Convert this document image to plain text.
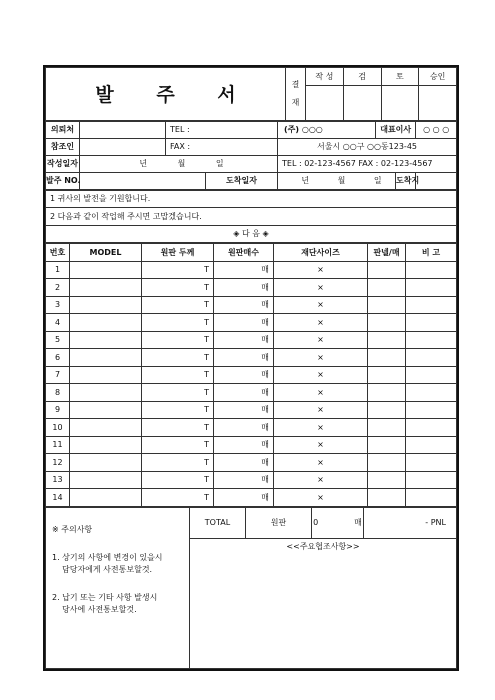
발 주 서	결
재	작 성	검	토	승인

의뢰처		TEL :		(주) ○○○	대표이사		○ ○ ○
참조인		FAX :		서울시 ○○구 ○○동123-45			
작성일자	년 월 일			TEL : 02-123-4567 FAX : 02-123-4567			
발주 NO.			도착일자	년 월 일		도착지	
1 귀사의 발전을 기원합니다.
2 다음과 같이 작업해 주시면 고맙겠습니다.
◈ 다 음 ◈
번호	MODEL	원판 두께	원판매수	재단사이즈	판넬/매	비 고
1		T	매	×		
2		T	매	×		
3		T	매	×		
4		T	매	×		
5		T	매	×		
6		T	매	×		
7		T	매	×		
8		T	매	×		
9		T	매	×		
10		T	매	×		
11		T	매	×		
12		T	매	×		
13		T	매	×		
14		T	매	×		

※ 주의사항

1. 상기의 사항에 변경이 있을시

담당자에게 사전통보할것.

2. 납기 또는 기타 사항 발생시

당사에 사전통보할것.

	TOTAL	원판	0	매	- PNL

<<주요협조사항>>
